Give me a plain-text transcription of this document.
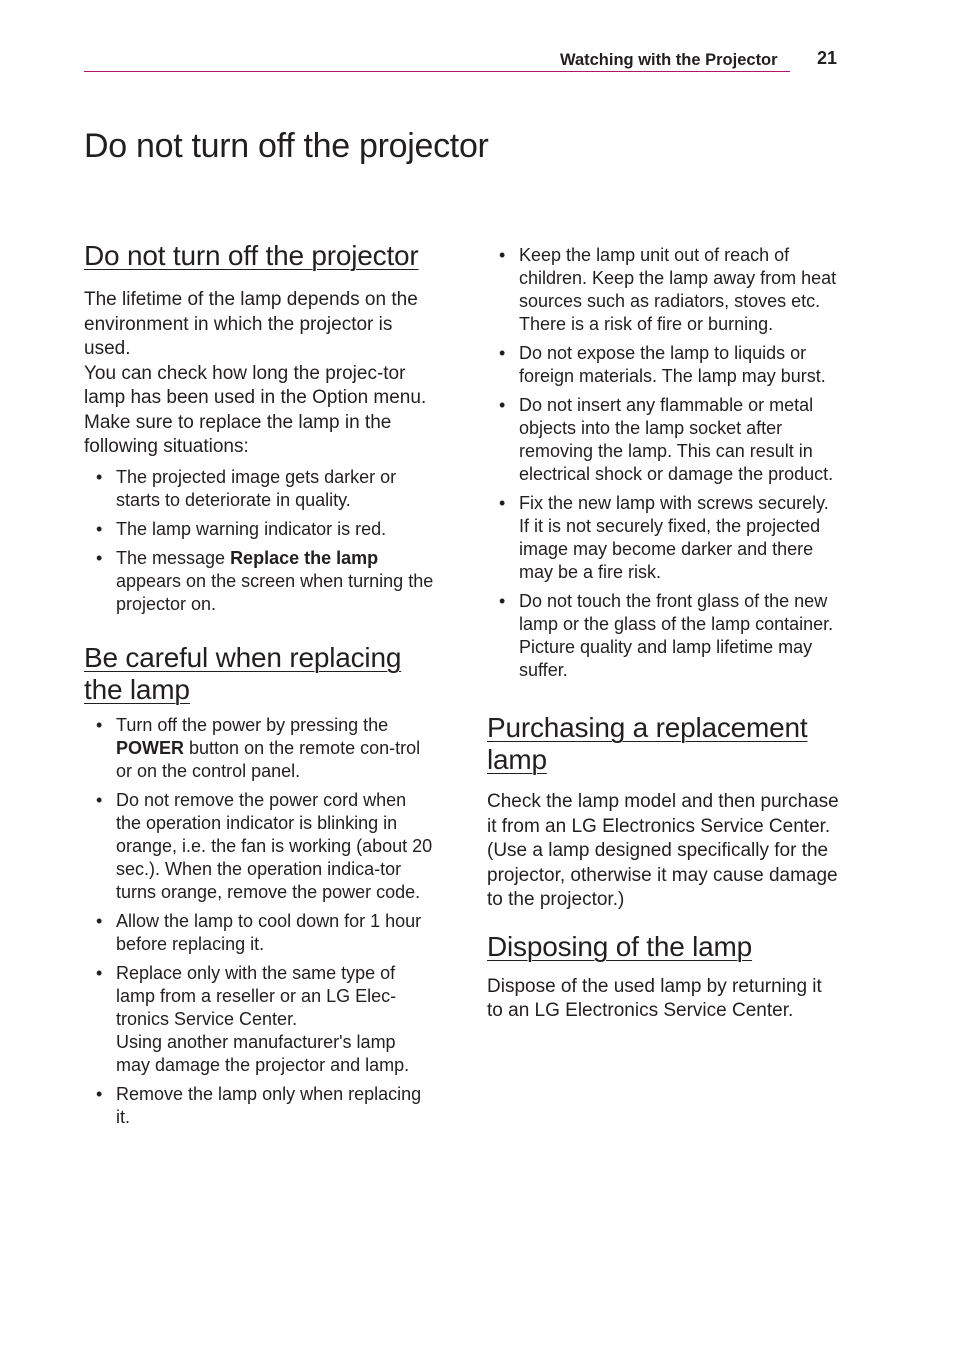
Watching with the Projector 21
Do not turn off the projector
Do not turn off the projector

The lifetime of the lamp depends on the environment in which the projector is used.

You can check how long the projec-tor lamp has been used in the Option menu.

Make sure to replace the lamp in the following situations:

• The projected image gets darker or starts to deteriorate in quality.
• The lamp warning indicator is red.
• The message Replace the lamp appears on the screen when turning the projector on.
Be careful when replacing the lamp
• Turn off the power by pressing the POWER button on the remote con-trol or on the control panel.
• Do not remove the power cord when the operation indicator is blinking in orange, i.e. the fan is working (about 20 sec.). When the operation indica-tor turns orange, remove the power code.
• Allow the lamp to cool down for 1 hour before replacing it.
• Replace only with the same type of lamp from a reseller or an LG Elec-tronics Service Center.
Using another manufacturer's lamp may damage the projector and lamp.
• Remove the lamp only when replacing it.
• Keep the lamp unit out of reach of children. Keep the lamp away from heat sources such as radiators, stoves etc. There is a risk of fire or burning.
• Do not expose the lamp to liquids or foreign materials. The lamp may burst.
• Do not insert any flammable or metal objects into the lamp socket after removing the lamp. This can result in electrical shock or damage the product.
• Fix the new lamp with screws securely. If it is not securely fixed, the projected image may become darker and there may be a fire risk.
• Do not touch the front glass of the new lamp or the glass of the lamp container. Picture quality and lamp lifetime may suffer.
Purchasing a replacement lamp

Check the lamp model and then purchase it from an LG Electronics Service Center. (Use a lamp designed specifically for the projector, otherwise it may cause damage to the projector.)

Disposing of the lamp

Dispose of the used lamp by returning it to an LG Electronics Service Center.
